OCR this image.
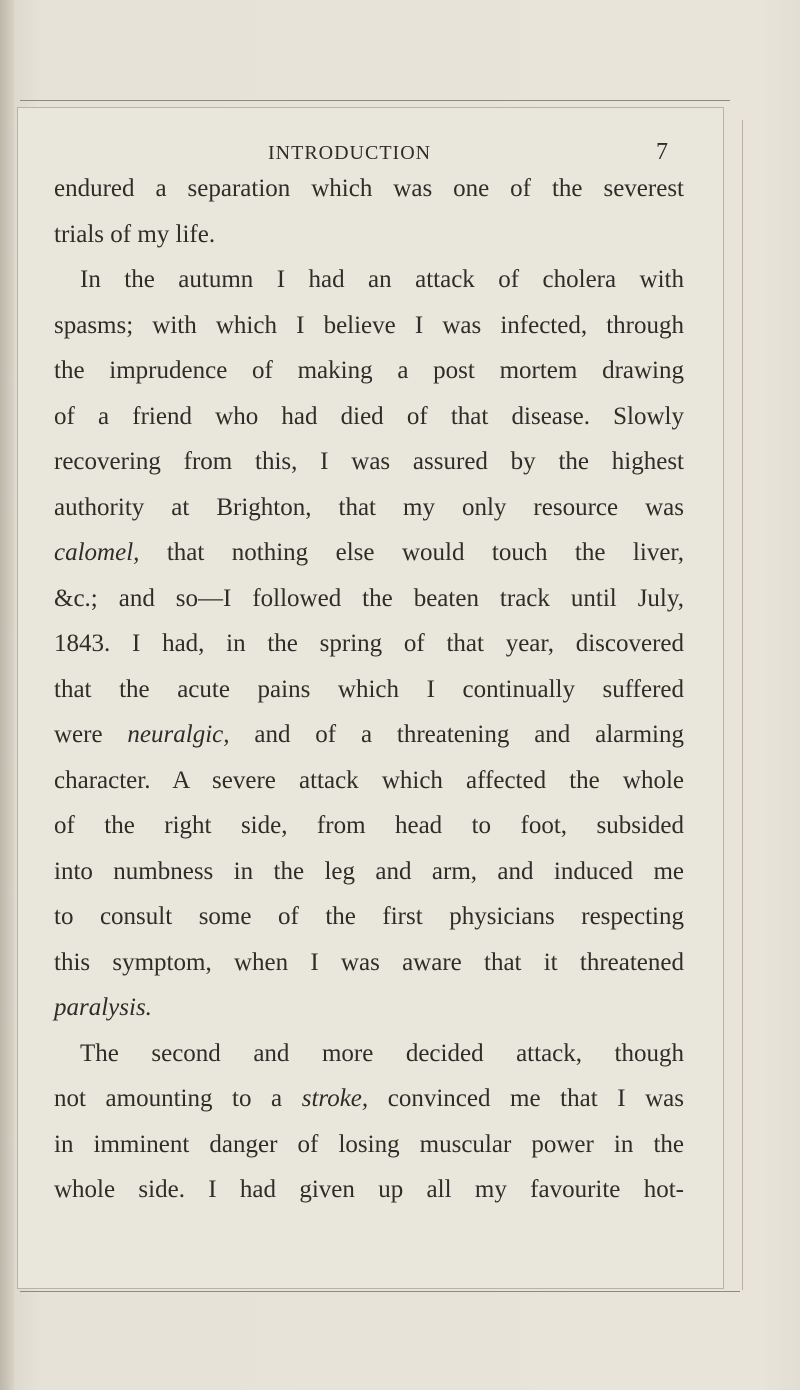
INTRODUCTION	7
endured a separation which was one of the severest
trials of my life.
In the autumn I had an attack of cholera with
spasms; with which I believe I was infected, through
the imprudence of making a post mortem drawing
of a friend who had died of that disease. Slowly
recovering from this, I was assured by the highest
authority at Brighton, that my only resource was
calomel, that nothing else would touch the liver,
&c.; and so—I followed the beaten track until July,
1843. I had, in the spring of that year, discovered
that the acute pains which I continually suffered
were neuralgic, and of a threatening and alarming
character. A severe attack which affected the whole
of the right side, from head to foot, subsided
into numbness in the leg and arm, and induced me
to consult some of the first physicians respecting
this symptom, when I was aware that it threatened
paralysis.
The second and more decided attack, though
not amounting to a stroke, convinced me that I was
in imminent danger of losing muscular power in the
whole side. I had given up all my favourite hot-
